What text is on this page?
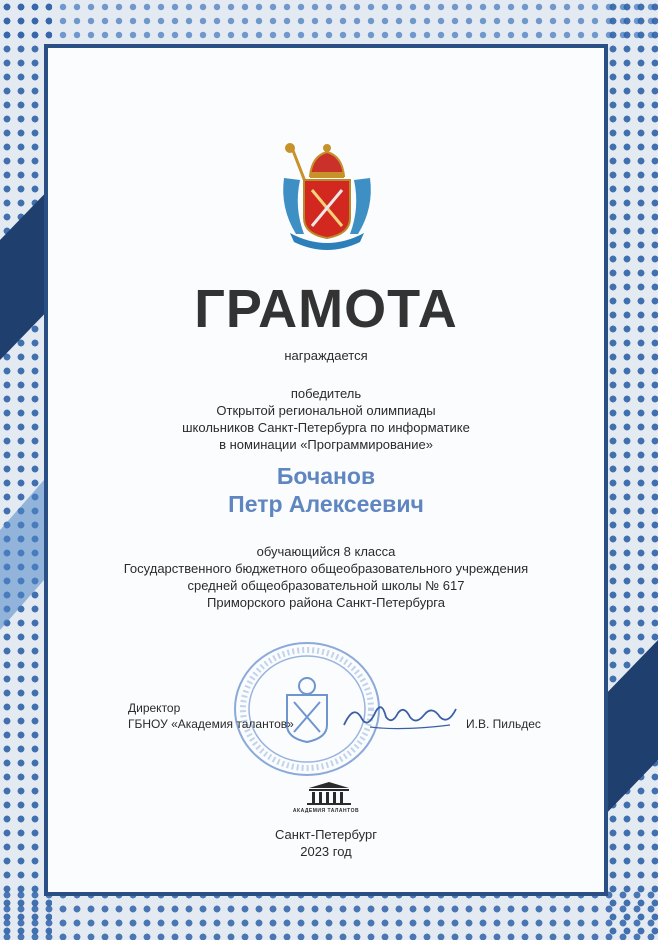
ГРАМОТА
награждается
победитель
Открытой региональной олимпиады
школьников Санкт-Петербурга по информатике
в номинации «Программирование»
Бочанов
Петр Алексеевич
обучающийся 8 класса
Государственного бюджетного общеобразовательного учреждения
средней общеобразовательной школы № 617
Приморского района Санкт-Петербурга
Директор
ГБНОУ «Академия талантов»	И.В. Пильдес
АКАДЕМИЯ ТАЛАНТОВ
Санкт-Петербург
2023 год
